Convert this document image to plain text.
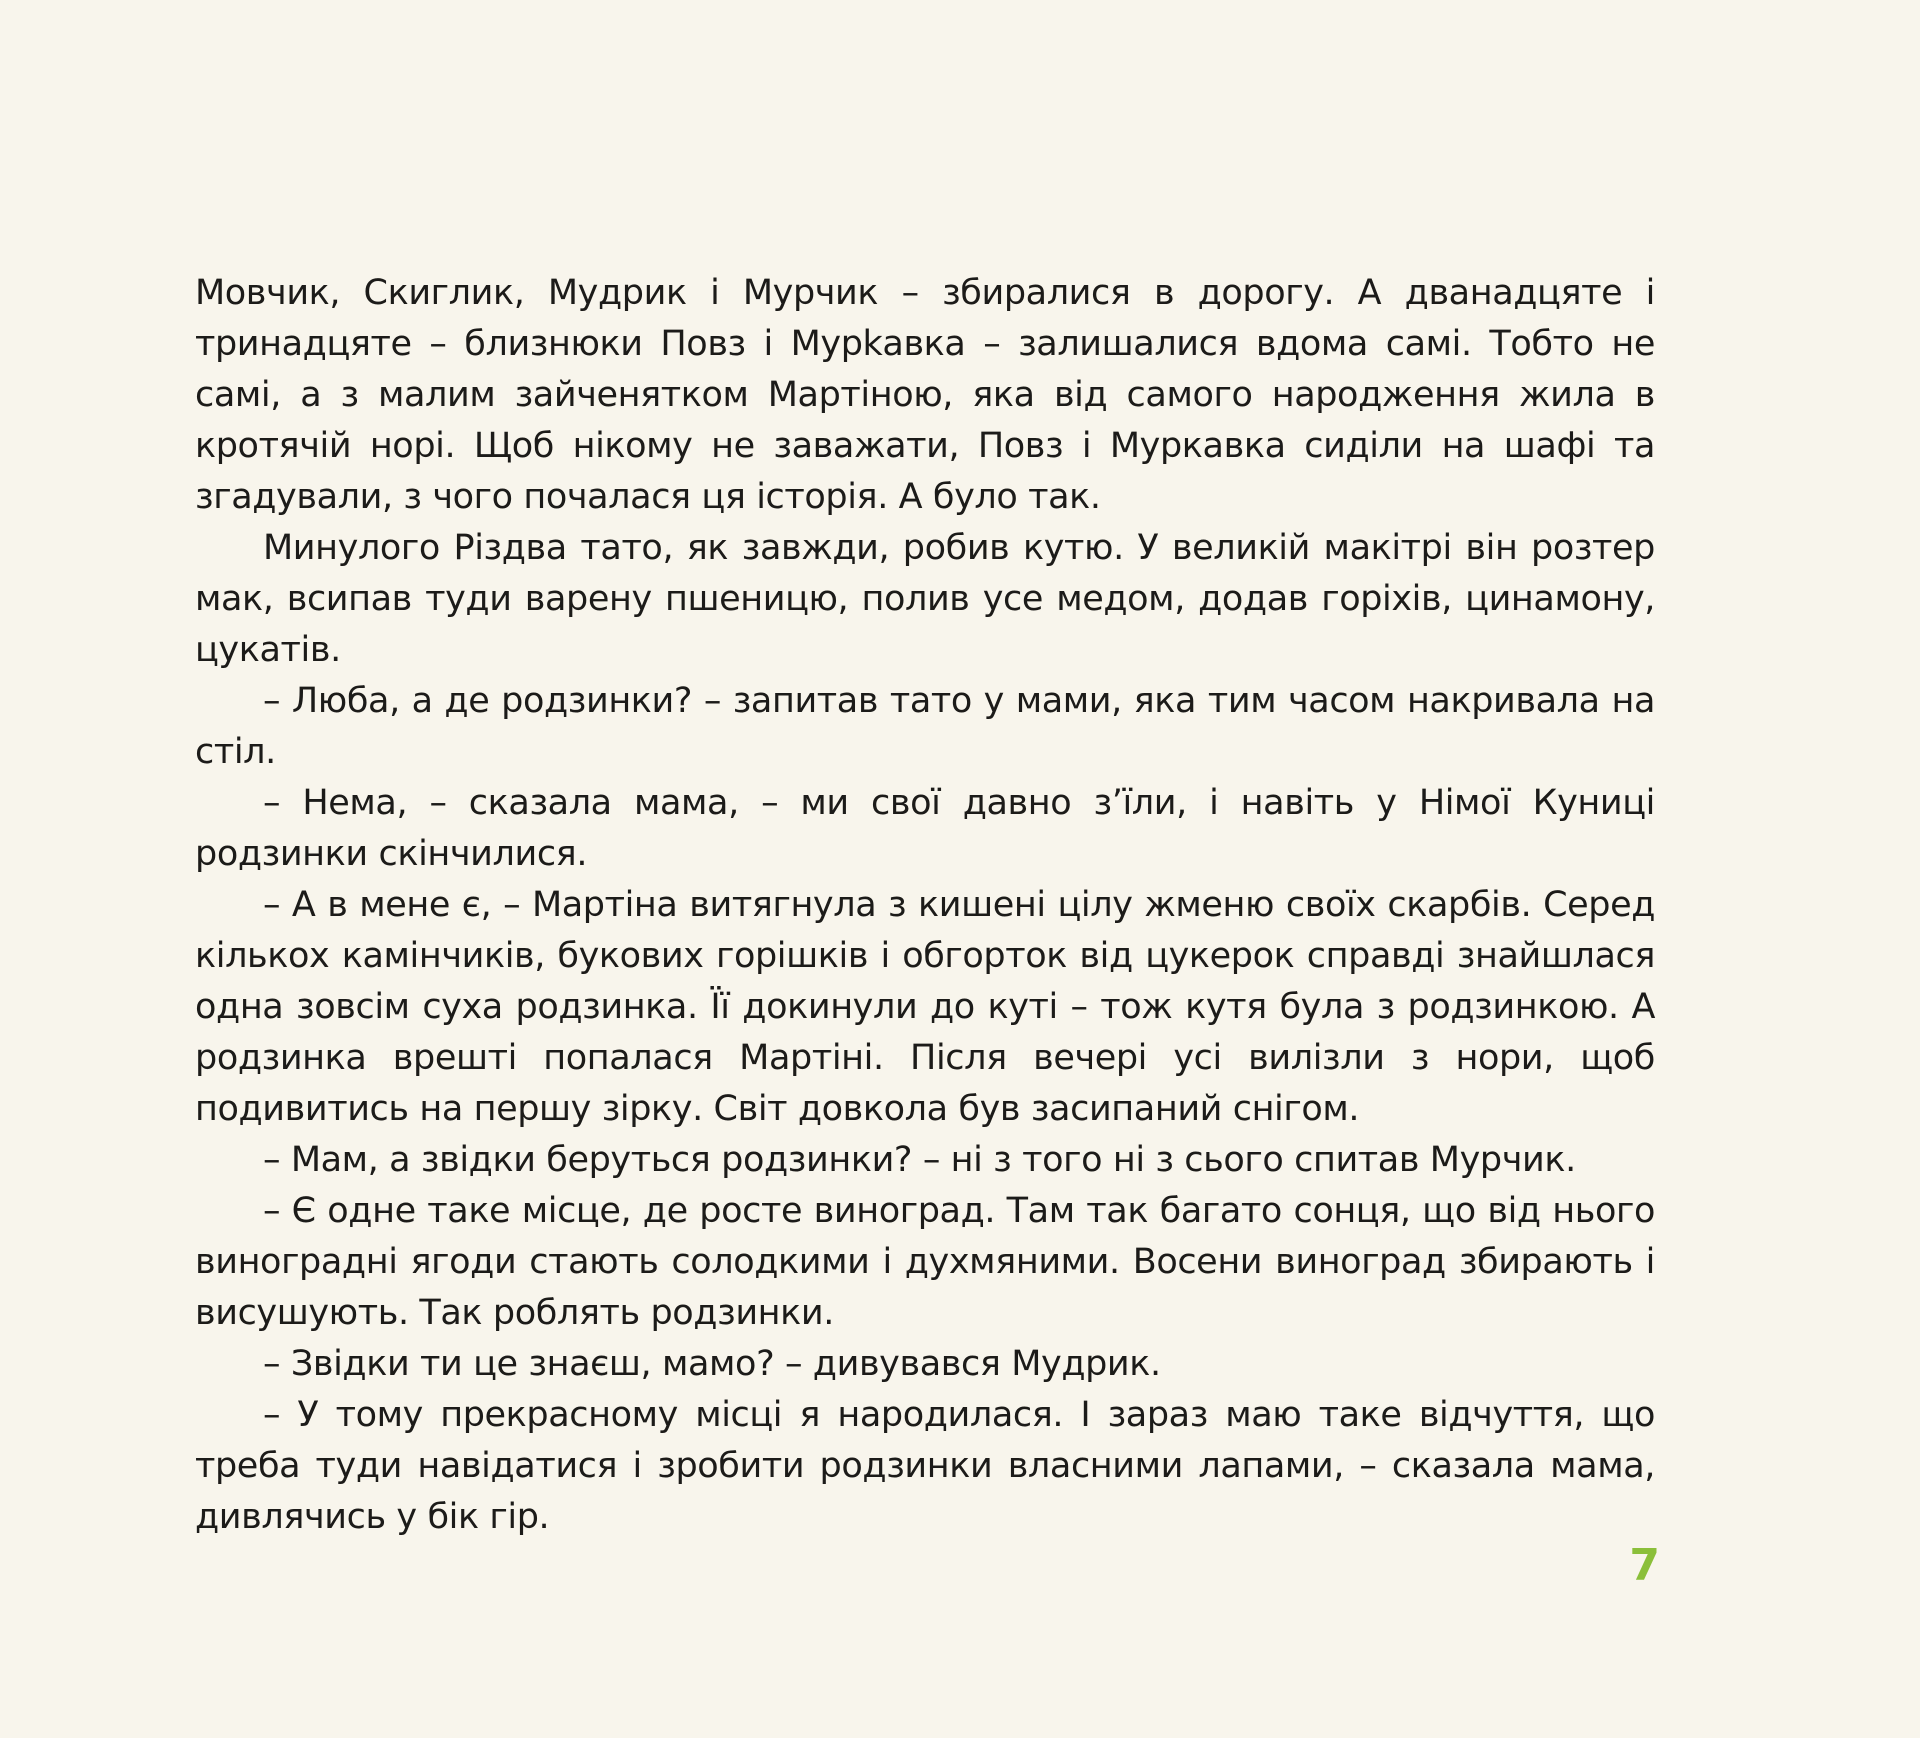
Мовчик, Скиглик, Мудрик і Мурчик – збиралися в дорогу. А дванадцяте і тринадцяте – близнюки Повз і Мурkавка – залишалися вдома самі. Тобто не самі, а з малим зайченятком Мартіною, яка від самого народження жила в кротячій норі. Щоб нікому не заважати, Повз і Муркавка сиділи на шафі та згадували, з чого почалася ця історія. А було так.

Минулого Різдва тато, як завжди, робив кутю. У великій макітрі він розтер мак, всипав туди варену пшеницю, полив усе медом, додав горіхів, цинамону, цукатів.

– Люба, а де родзинки? – запитав тато у мами, яка тим часом накривала на стіл.

– Нема, – сказала мама, – ми свої давно з’їли, і навіть у Німої Куниці родзинки скінчилися.

– А в мене є, – Мартіна витягнула з кишені цілу жменю своїх скарбів. Серед кількох камінчиків, букових горішків і обгорток від цукерок справді знайшлася одна зовсім суха родзинка. Її докинули до куті – тож кутя була з родзинкою. А родзинка врешті попалася Мартіні. Після вечері усі вилізли з нори, щоб подивитись на першу зірку. Світ довкола був засипаний снігом.

– Мам, а звідки беруться родзинки? – ні з того ні з сього спитав Мурчик.

– Є одне таке місце, де росте виноград. Там так багато сонця, що від нього виноградні ягоди стають солодкими і духмяними. Восени виноград збирають і висушують. Так роблять родзинки.

– Звідки ти це знаєш, мамо? – дивувався Мудрик.

– У тому прекрасному місці я народилася. І зараз маю таке відчуття, що треба туди навідатися і зробити родзинки власними лапами, – сказала мама, дивлячись у бік гір.

7
